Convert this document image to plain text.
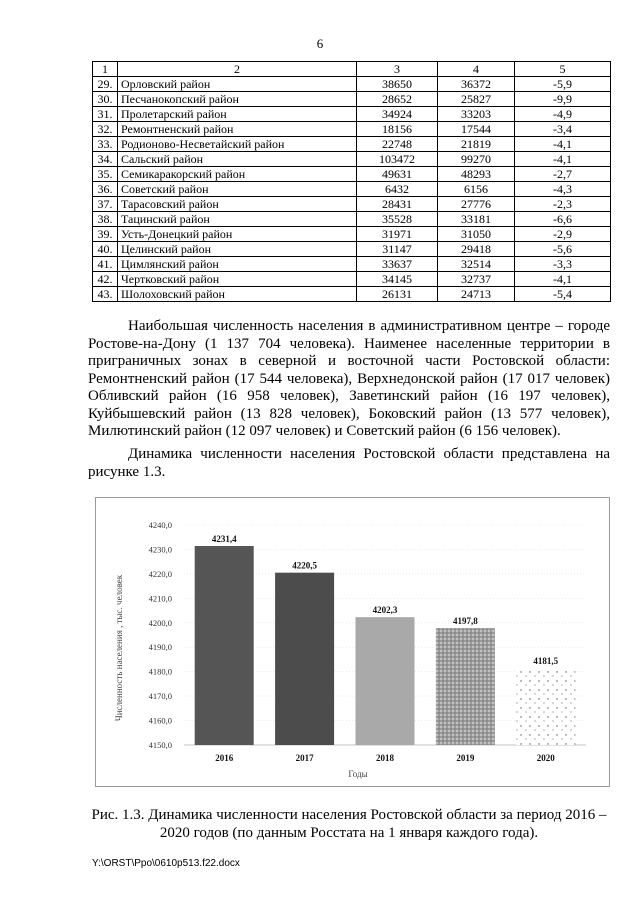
6
1	2	3	4	5
29.	Орловский район	38650	36372	-5,9
30.	Песчанокопский район	28652	25827	-9,9
31.	Пролетарский район	34924	33203	-4,9
32.	Ремонтненский район	18156	17544	-3,4
33.	Родионово-Несветайский район	22748	21819	-4,1
34.	Сальский район	103472	99270	-4,1
35.	Семикаракорский район	49631	48293	-2,7
36.	Советский район	6432	6156	-4,3
37.	Тарасовский район	28431	27776	-2,3
38.	Тацинский район	35528	33181	-6,6
39.	Усть-Донецкий район	31971	31050	-2,9
40.	Целинский район	31147	29418	-5,6
41.	Цимлянский район	33637	32514	-3,3
42.	Чертковский район	34145	32737	-4,1
43.	Шолоховский район	26131	24713	-5,4
Наибольшая численность населения в административном центре – городе Ростове-на-Дону (1 137 704 человека). Наименее населенные территории в приграничных зонах в северной и восточной части Ростовской области: Ремонтненский район (17 544 человека), Верхнедонской район (17 017 человек) Обливский район (16 958 человек), Заветинский район (16 197 человек), Куйбышевский район (13 828 человек), Боковский район (13 577 человек), Милютинский район (12 097 человек) и Советский район (6 156 человек).
Динамика численности населения Ростовской области представлена на рисунке 1.3.
4150,0
4160,0
4170,0
4180,0
4190,0
4200,0
4210,0
4220,0
4230,0
4240,0
4231,4
4220,5
4202,3
4197,8
4181,5
2016	2017	2018	2019	2020
Годы
Численность населения , тыс. человек
Рис. 1.3. Динамика численности населения Ростовской области за период 2016 – 2020 годов (по данным Росстата на 1 января каждого года).
Y:\ORST\Ppo\0610p513.f22.docx
